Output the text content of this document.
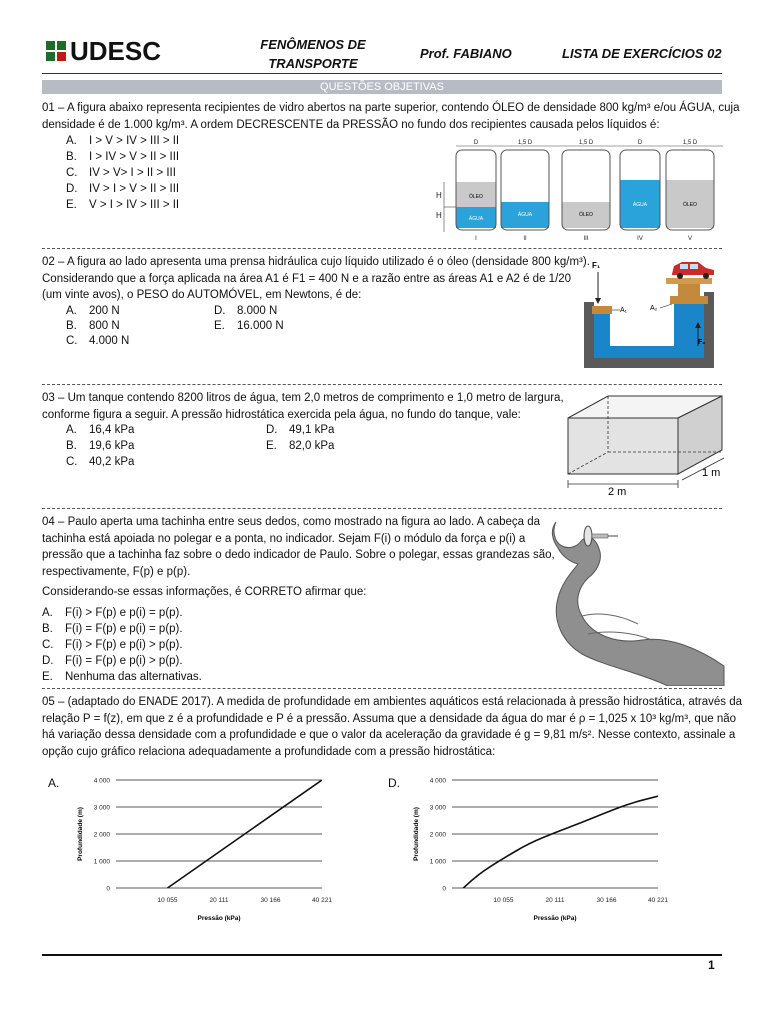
UDESC	FENÔMENOS DE
TRANSPORTE
Prof. FABIANO	LISTA DE EXERCÍCIOS 02
QUESTÕES OBJETIVAS
01 – A figura abaixo representa recipientes de vidro abertos na parte superior, contendo ÓLEO de densidade 800 kg/m³ e/ou ÁGUA, cuja
densidade é de 1.000 kg/m³. A ordem DECRESCENTE da PRESSÃO no fundo dos recipientes causada pelos líquidos é:
A. I > V > IV > III > II
B. I > IV > V > II > III
C. IV > V> I > II > III
D. IV > I > V > II > III
E. V > I > IV > III > II
D	1,5 D	1,5 D	D	1,5 D
H
H
ÓLEO
ÁGUA
ÁGUA	ÓLEO
ÁGUA	ÓLEO
I	II	III	IV	V
02 – A figura ao lado apresenta uma prensa hidráulica cujo líquido utilizado é o óleo (densidade 800 kg/m³).
Considerando que a força aplicada na área A1 é F1 = 400 N e a razão entre as áreas A1 e A2 é de 1/20
(um vinte avos), o PESO do AUTOMÓVEL, em Newtons, é de:
A. 200 N	D. 8.000 N
B. 800 N	E. 16.000 N
C. 4.000 N
F₁
F₂
A₁	A₂
03 – Um tanque contendo 8200 litros de água, tem 2,0 metros de comprimento e 1,0 metro de largura,
conforme figura a seguir. A pressão hidrostática exercida pela água, no fundo do tanque, vale:
A. 16,4 kPa	D. 49,1 kPa
B. 19,6 kPa	E. 82,0 kPa
C. 40,2 kPa
2 m
1 m
04 – Paulo aperta uma tachinha entre seus dedos, como mostrado na figura ao lado. A cabeça da
tachinha está apoiada no polegar e a ponta, no indicador. Sejam F(i) o módulo da força e p(i) a
pressão que a tachinha faz sobre o dedo indicador de Paulo. Sobre o polegar, essas grandezas são,
respectivamente, F(p) e p(p).
Considerando-se essas informações, é CORRETO afirmar que:
A. F(i) > F(p) e p(i) = p(p).
B. F(i) = F(p) e p(i) = p(p).
C. F(i) > F(p) e p(i) > p(p).
D. F(i) = F(p) e p(i) > p(p).
E. Nenhuma das alternativas.
05 – (adaptado do ENADE 2017). A medida de profundidade em ambientes aquáticos está relacionada à pressão hidrostática, através da
relação P = f(z), em que z é a profundidade e P é a pressão. Assuma que a densidade da água do mar é ρ = 1,025 x 10³ kg/m³, que não
há variação dessa densidade com a profundidade e que o valor da aceleração da gravidade é g = 9,81 m/s². Nesse contexto, assinale a
opção cujo gráfico relaciona adequadamente a profundidade com a pressão hidrostática:
A.
0
1 000
2 000
3 000
4 000
10 055	20 111	30 166	40 221
Pressão (kPa)
Profundidade (m)
D.
0
1 000
2 000
3 000
4 000
10 055	20 111	30 166	40 221
Pressão (kPa)
Profundidade (m)
1
